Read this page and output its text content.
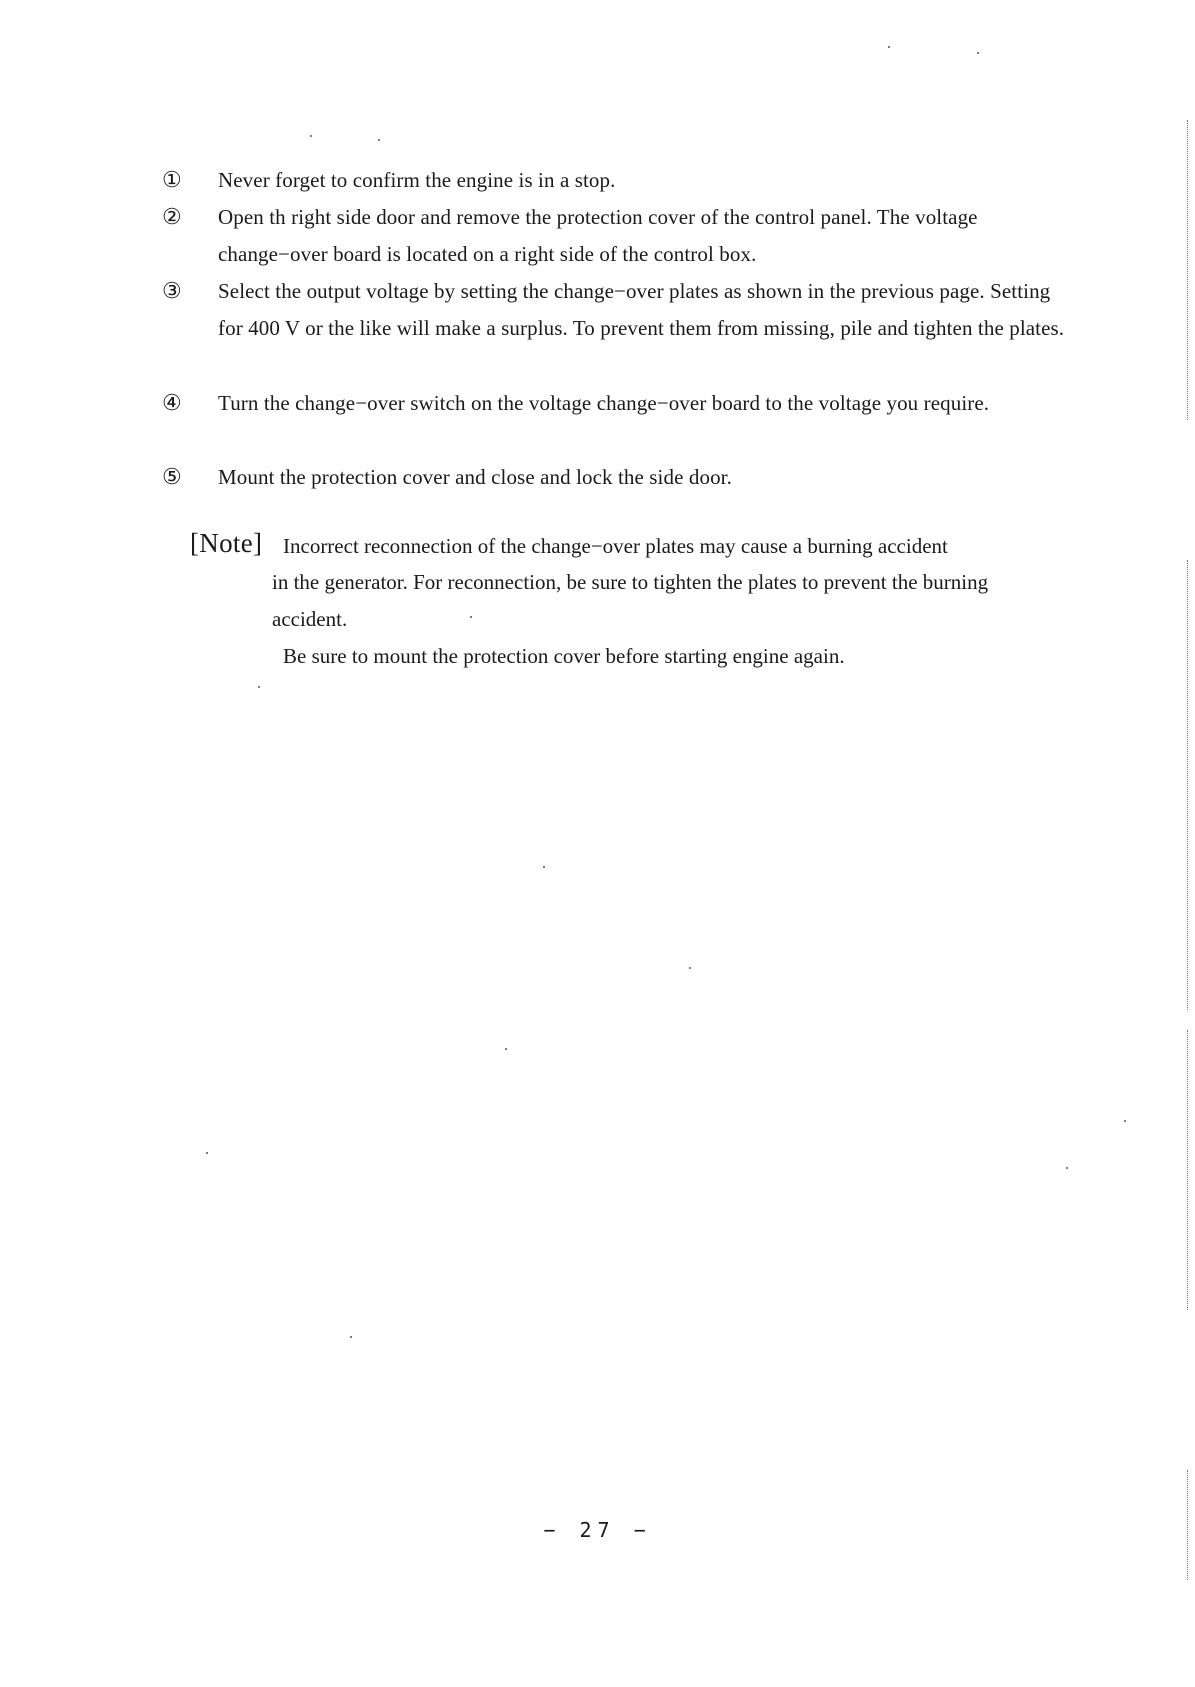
① Never forget to confirm the engine is in a stop.
② Open th right side door and remove the protection cover of the control panel. The voltage change−over board is located on a right side of the control box.
③ Select the output voltage by setting the change−over plates as shown in the previous page. Setting for 400 V or the like will make a surplus. To prevent them from missing, pile and tighten the plates.
④ Turn the change−over switch on the voltage change−over board to the voltage you require.
⑤ Mount the protection cover and close and lock the side door.
[Note] Incorrect reconnection of the change−over plates may cause a burning accident
in the generator. For reconnection, be sure to tighten the plates to prevent the burning accident.
Be sure to mount the protection cover before starting engine again.
− 27 −
